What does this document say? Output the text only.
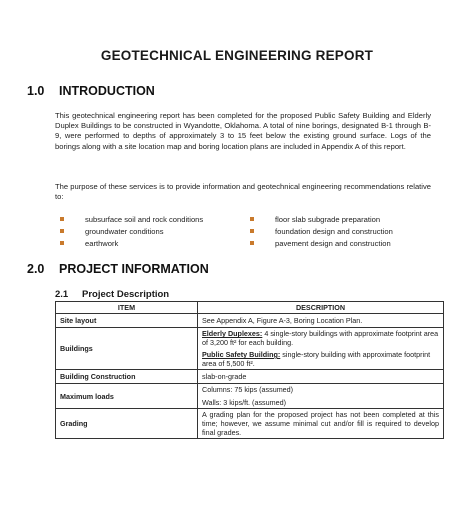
GEOTECHNICAL ENGINEERING REPORT
1.0 INTRODUCTION
This geotechnical engineering report has been completed for the proposed Public Safety Building and Elderly Duplex Buildings to be constructed in Wyandotte, Oklahoma. A total of nine borings, designated B-1 through B-9, were performed to depths of approximately 3 to 15 feet below the existing ground surface. Logs of the borings along with a site location map and boring location plans are included in Appendix A of this report.
The purpose of these services is to provide information and geotechnical engineering recommendations relative to:
subsurface soil and rock conditions
groundwater conditions
earthwork
floor slab subgrade preparation
foundation design and construction
pavement design and construction
2.0 PROJECT INFORMATION
2.1 Project Description
ITEM	DESCRIPTION
Site layout	See Appendix A, Figure A-3, Boring Location Plan.
Buildings	Elderly Duplexes: 4 single-story buildings with approximate footprint area of 3,200 ft² for each building.
Public Safety Building: single-story building with approximate footprint area of 5,500 ft².

Building Construction	slab-on-grade
Maximum loads	Columns: 75 kips (assumed)
Walls: 3 kips/ft. (assumed)

Grading	A grading plan for the proposed project has not been completed at this time; however, we assume minimal cut and/or fill is required to develop final grades.
